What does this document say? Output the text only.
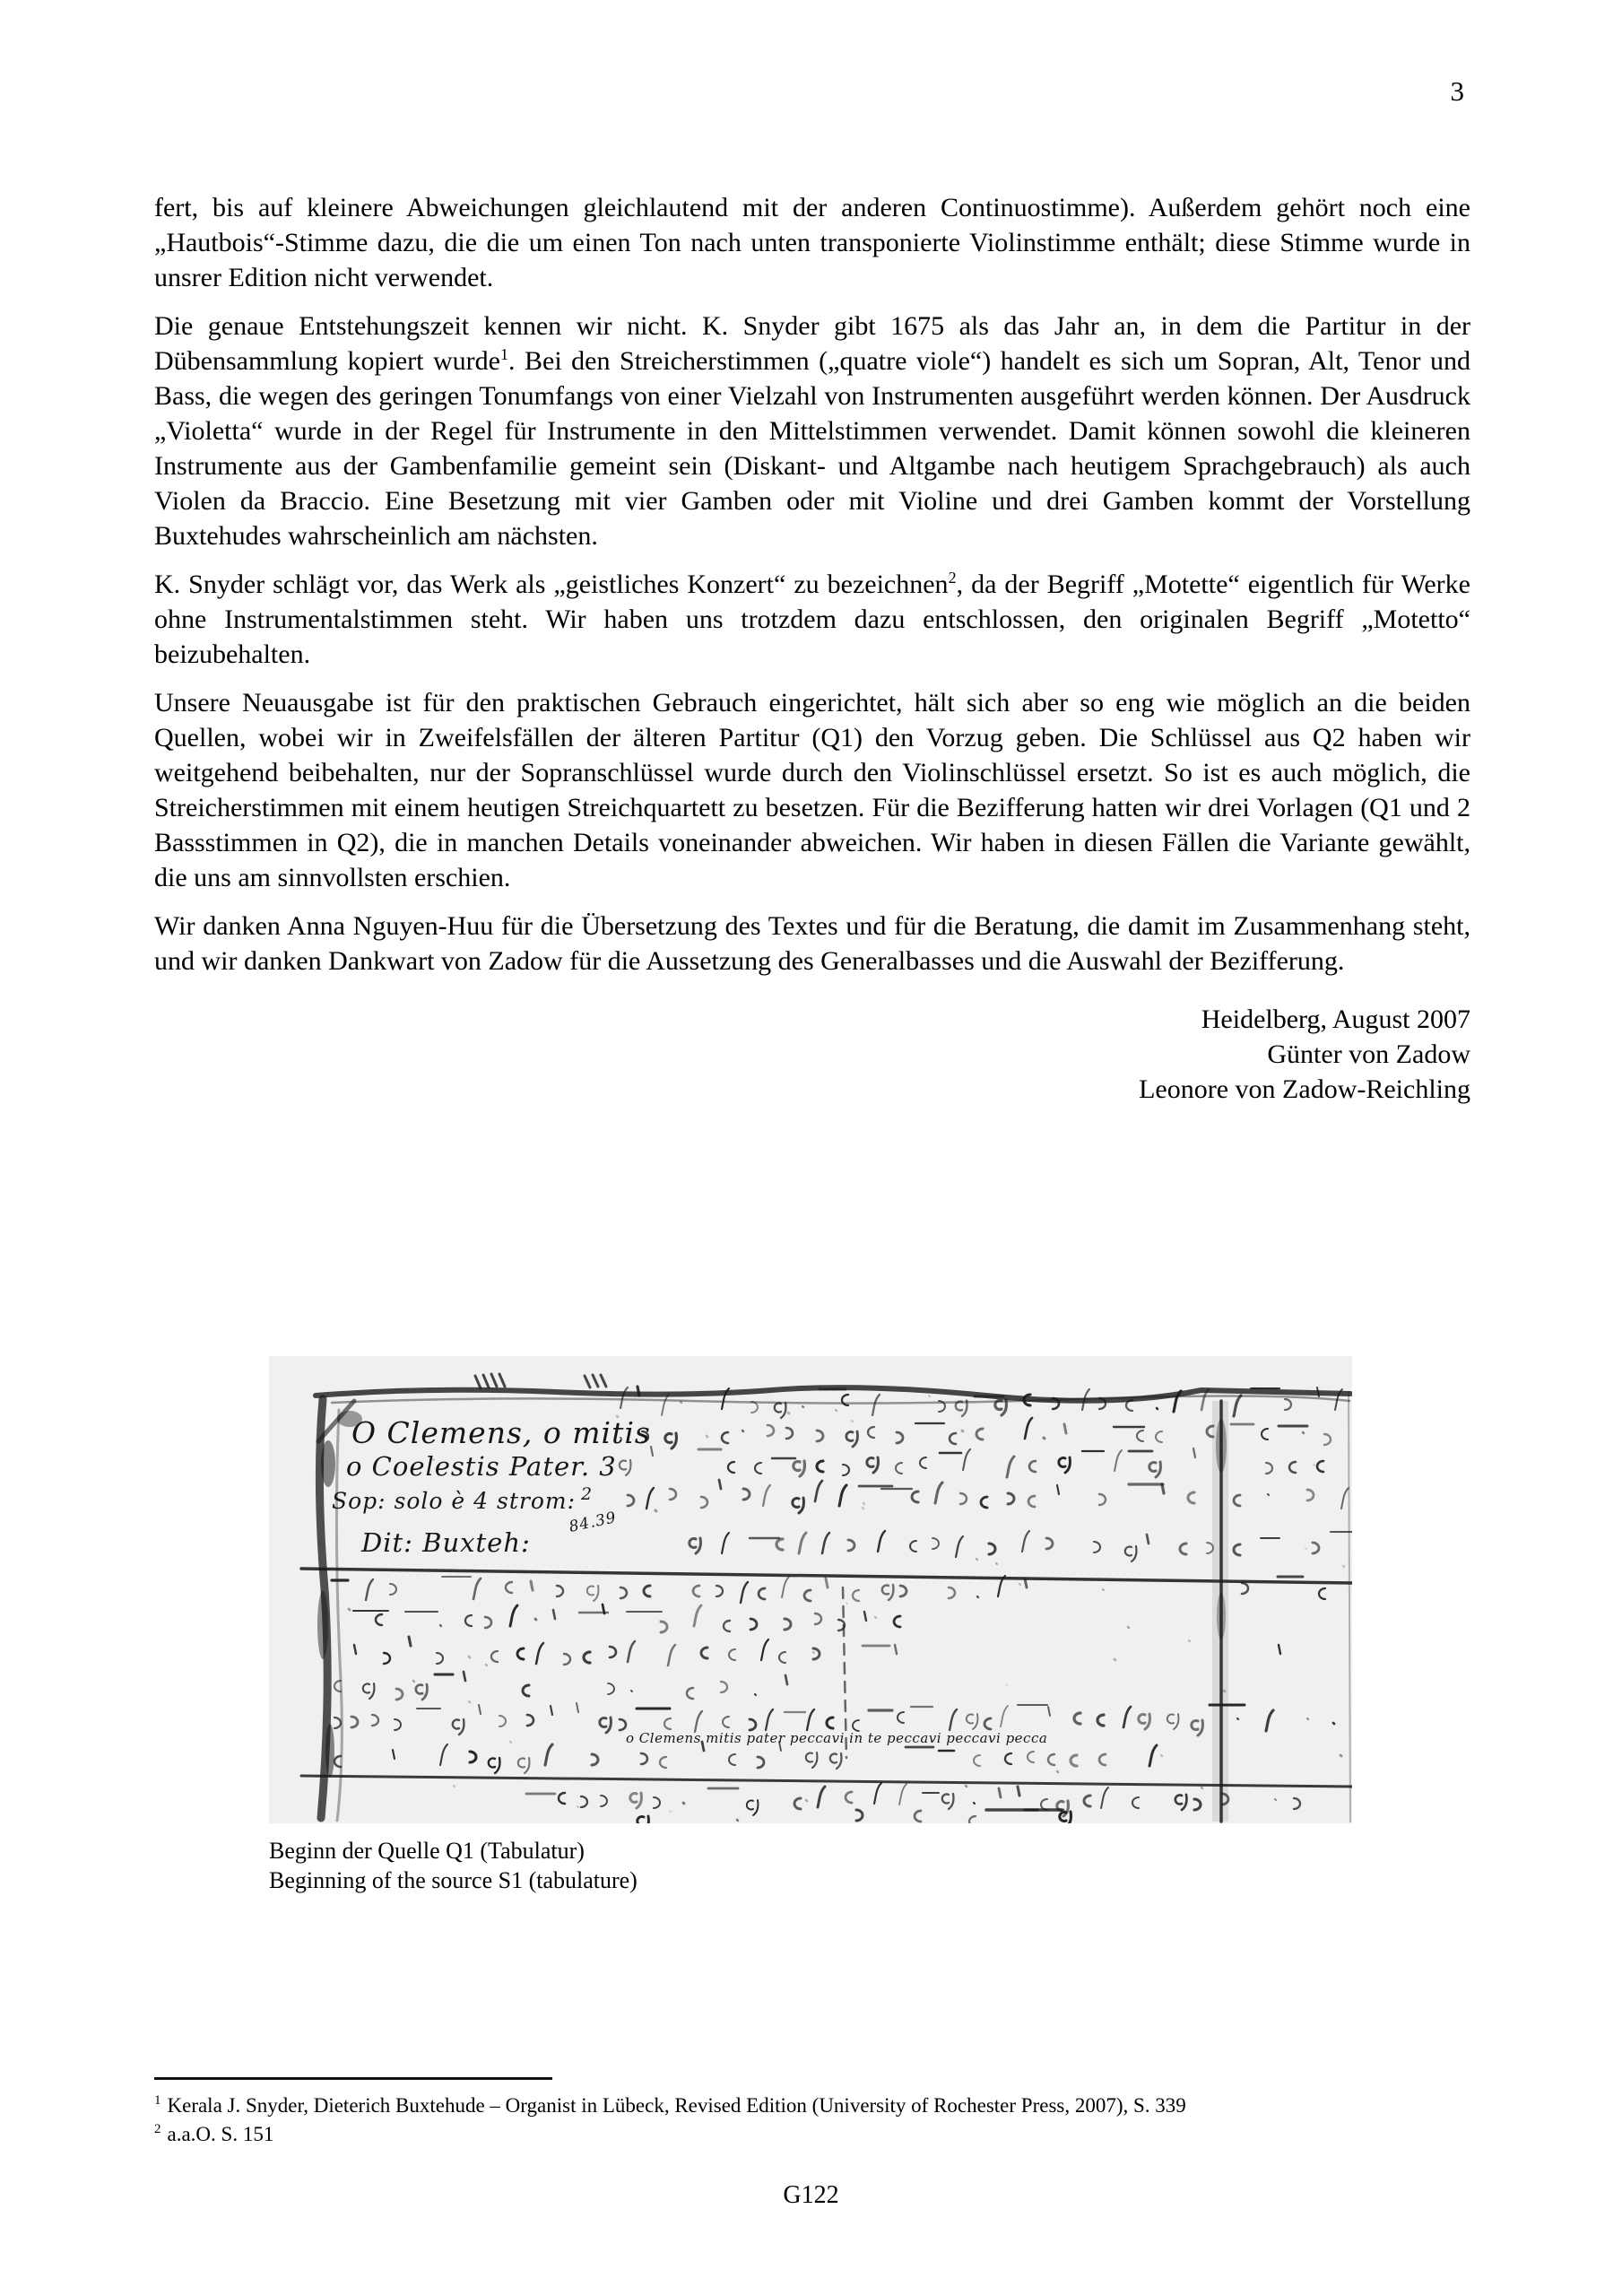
3

fert, bis auf kleinere Abweichungen gleichlautend mit der anderen Continuostimme). Außerdem gehört noch eine „Hautbois“-Stimme dazu, die die um einen Ton nach unten transponierte Violinstimme enthält; diese Stimme wurde in unsrer Edition nicht verwendet.

Die genaue Entstehungszeit kennen wir nicht. K. Snyder gibt 1675 als das Jahr an, in dem die Partitur in der Dübensammlung kopiert wurde$^1$. Bei den Streicherstimmen („quatre viole“) handelt es sich um Sopran, Alt, Tenor und Bass, die wegen des geringen Tonumfangs von einer Vielzahl von Instrumenten ausgeführt werden können. Der Ausdruck „Violetta“ wurde in der Regel für Instrumente in den Mittelstimmen verwendet. Damit können sowohl die kleineren Instrumente aus der Gambenfamilie gemeint sein (Diskant- und Altgambe nach heutigem Sprachgebrauch) als auch Violen da Braccio. Eine Besetzung mit vier Gamben oder mit Violine und drei Gamben kommt der Vorstellung Buxtehudes wahrscheinlich am nächsten.

K. Snyder schlägt vor, das Werk als „geistliches Konzert“ zu bezeichnen$^2$, da der Begriff „Motette“ eigentlich für Werke ohne Instrumentalstimmen steht. Wir haben uns trotzdem dazu entschlossen, den originalen Begriff „Motetto“ beizubehalten.

Unsere Neuausgabe ist für den praktischen Gebrauch eingerichtet, hält sich aber so eng wie möglich an die beiden Quellen, wobei wir in Zweifelsfällen der älteren Partitur (Q1) den Vorzug geben. Die Schlüssel aus Q2 haben wir weitgehend beibehalten, nur der Sopranschlüssel wurde durch den Violinschlüssel ersetzt. So ist es auch möglich, die Streicherstimmen mit einem heutigen Streichquartett zu besetzen. Für die Bezifferung hatten wir drei Vorlagen (Q1 und 2 Bassstimmen in Q2), die in manchen Details voneinander abweichen. Wir haben in diesen Fällen die Variante gewählt, die uns am sinnvollsten erschien.

Wir danken Anna Nguyen-Huu für die Übersetzung des Textes und für die Beratung, die damit im Zusammenhang steht, und wir danken Dankwart von Zadow für die Aussetzung des Generalbasses und die Auswahl der Bezifferung.

Heidelberg, August 2007
Günter von Zadow
Leonore von Zadow-Reichling
O Clemens, o mitis
o Coelestis Pater. 3
2
Sop: solo è 4 strom:
Dit: Buxteh:
84.39
o Clemens mitis pater peccavi in te peccavi peccavi pecca
Beginn der Quelle Q1 (Tabulatur)
Beginning of the source S1 (tabulature)
$^1$ Kerala J. Snyder, Dieterich Buxtehude – Organist in Lübeck, Revised Edition (University of Rochester Press, 2007), S. 339
$^2$ a.a.O. S. 151
G122
